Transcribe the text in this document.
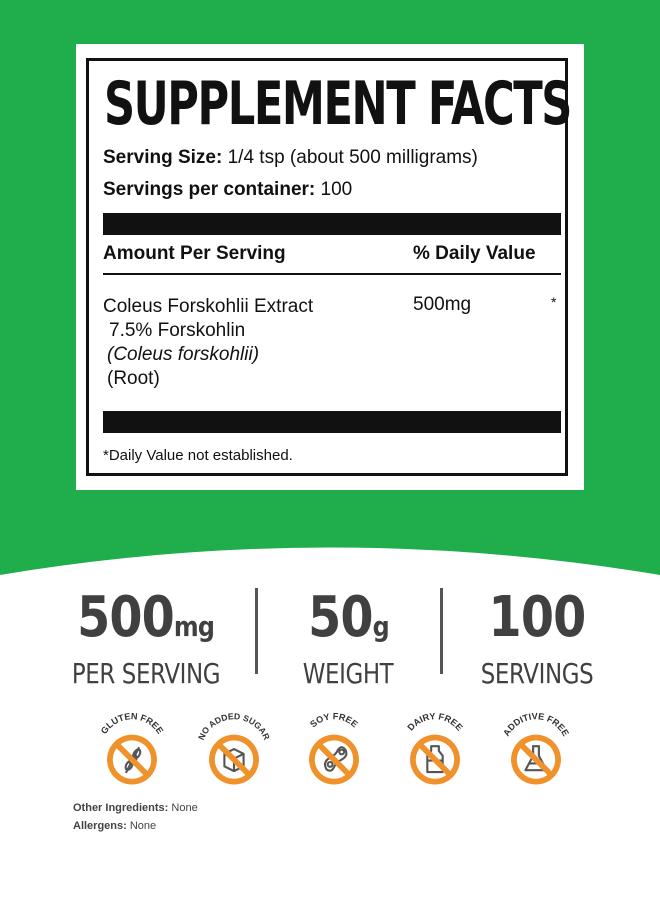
SUPPLEMENT FACTS
Serving Size: 1/4 tsp (about 500 milligrams)
Servings per container: 100
Amount Per Serving	% Daily Value
Coleus Forskohlii Extract
7.5% Forskohlin
(Coleus forskohlii)
(Root)
500mg	*
*Daily Value not established.
500mg
PER SERVING
50g
WEIGHT
100
SERVINGS
GLUTEN FREE
NO ADDED SUGAR
SOY FREE	DAIRY FREE	ADDITIVE FREE
Other Ingredients: None
Allergens: None
